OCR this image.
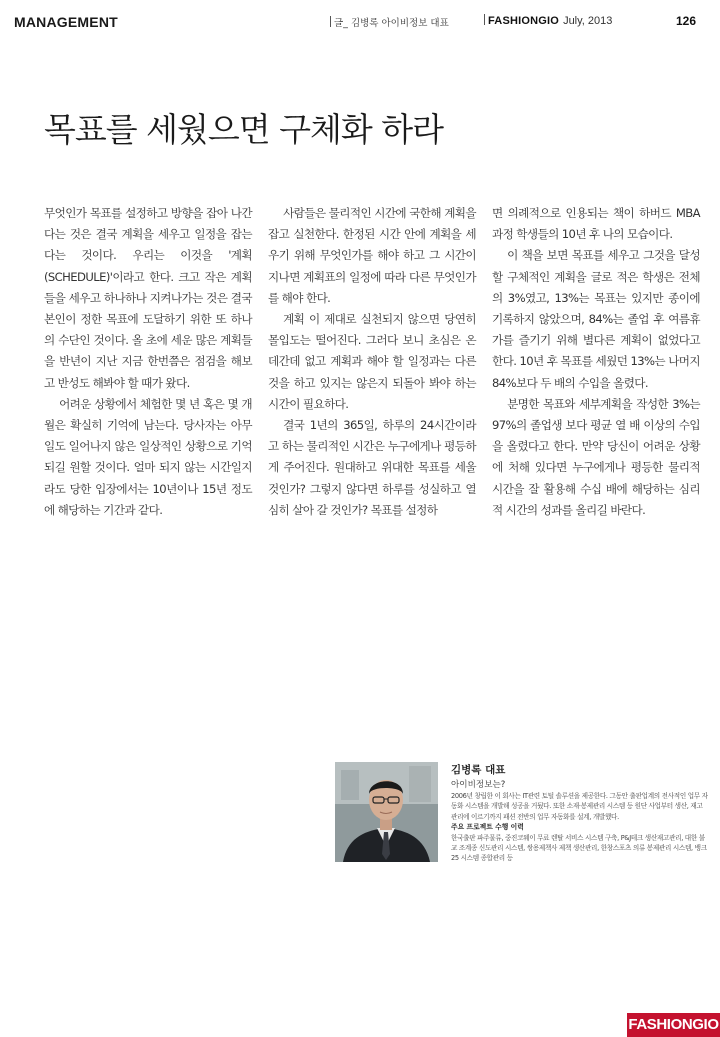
MANAGEMENT	글_ 김병록 아이비정보 대표	FASHIONGIO July, 2013	126
목표를 세웠으면 구체화 하라

무엇인가 목표를 설정하고 방향을 잡아 나간다는 것은 결국 계획을 세우고 일정을 잡는다는 것이다. 우리는 이것을 '계획(SCHEDULE)'이라고 한다. 크고 작은 계획들을 세우고 하나하나 지켜나가는 것은 결국 본인이 정한 목표에 도달하기 위한 또 하나의 수단인 것이다. 올 초에 세운 많은 계획들을 반년이 지난 지금 한번쯤은 점검을 해보고 반성도 해봐야 할 때가 왔다.

어려운 상황에서 체험한 몇 년 혹은 몇 개월은 확실히 기억에 남는다. 당사자는 아무 일도 일어나지 않은 일상적인 상황으로 기억되길 원할 것이다. 얼마 되지 않는 시간일지라도 당한 입장에서는 10년이나 15년 정도에 해당하는 기간과 같다.

사람들은 물리적인 시간에 국한해 계획을 잡고 실천한다. 한정된 시간 안에 계획을 세우기 위해 무엇인가를 해야 하고 그 시간이 지나면 계획표의 일정에 따라 다른 무엇인가를 해야 한다.

계획 이 제대로 실천되지 않으면 당연히 몰입도는 떨어진다. 그러다 보니 초심은 온데간데 없고 계획과 해야 할 일정과는 다른 것을 하고 있지는 않은지 되돌아 봐야 하는 시간이 필요하다.

결국 1년의 365일, 하루의 24시간이라고 하는 물리적인 시간은 누구에게나 평등하게 주어진다. 원대하고 위대한 목표를 세울 것인가? 그렇지 않다면 하루를 성실하고 열심히 살아 갈 것인가? 목표를 설정하

면 의례적으로 인용되는 책이 하버드 MBA 과정 학생들의 10년 후 나의 모습이다.

이 책을 보면 목표를 세우고 그것을 달성할 구체적인 계획을 글로 적은 학생은 전체의 3%였고, 13%는 목표는 있지만 종이에 기록하지 않았으며, 84%는 졸업 후 여름휴가를 즐기기 위해 별다른 계획이 없었다고 한다. 10년 후 목표를 세웠던 13%는 나머지 84%보다 두 배의 수입을 올렸다.

분명한 목표와 세부계획을 작성한 3%는 97%의 졸업생 보다 평균 열 배 이상의 수입을 올렸다고 한다. 만약 당신이 어려운 상황에 처해 있다면 누구에게나 평등한 물리적 시간을 잘 활용해 수십 배에 해당하는 심리적 시간의 성과를 올리길 바란다.

김병록 대표
아이비정보는?
2006년 창립한 이 회사는 IT관련 토털 솔루션을 제공한다. 그동안 출판업계의 전사적인 업무 자동화 시스템을 개발해 성공을 거뒀다. 또한 소재·봉제관리 시스템 등 원단 사업부터 생산, 재고 관리에 이르기까지 패션 전반의 업무 자동화를 설계, 개발했다.
주요 프로젝트 수행 이력
한국출판 파주물류, 중진코웨이 무료 렌탈 서비스 시스템 구축, P&J테크 생산재고관리, 대한 불교 조계종 신도관리 시스템, 쌍용제책사 제책 생산관리, 한창스포츠 의류 봉제관리 시스템, 뱅크25 시스템 종합관리 등
FASHIONGIO
